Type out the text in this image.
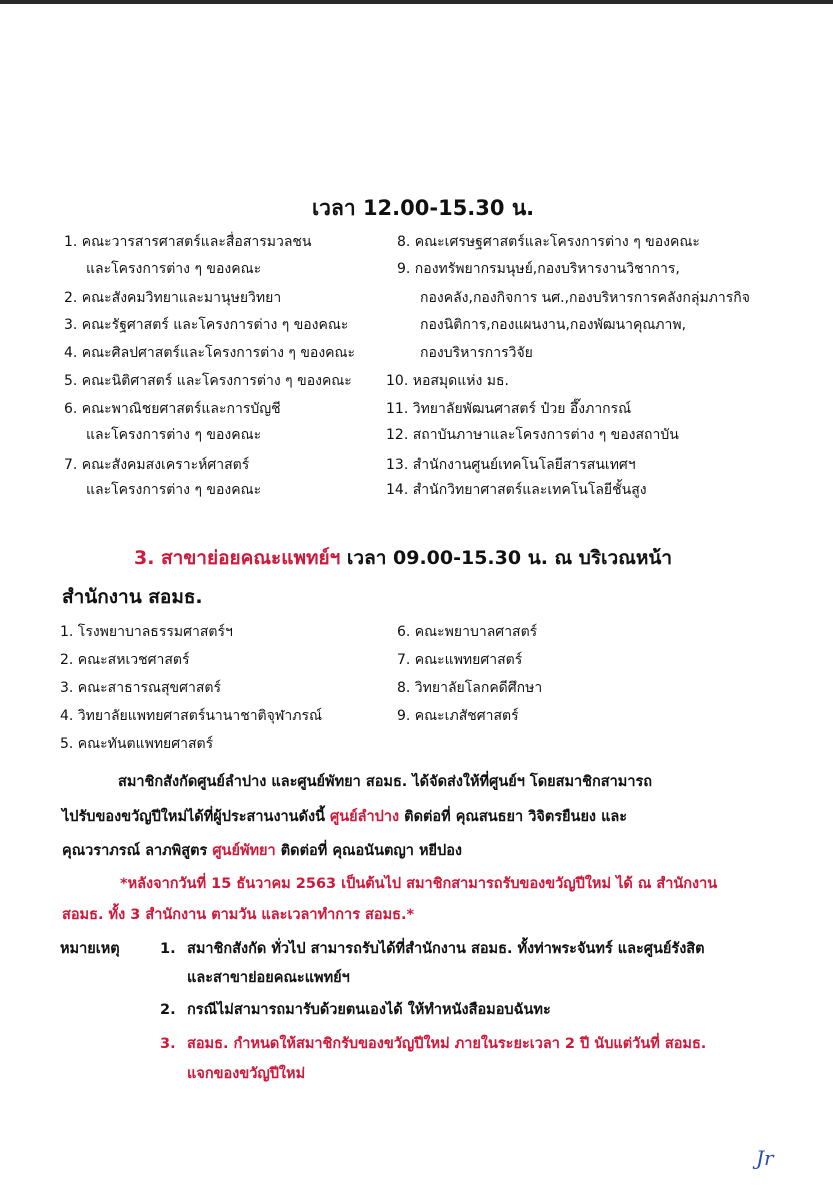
เวลา 12.00-15.30 น.
1. คณะวารสารศาสตร์และสื่อสารมวลชน
และโครงการต่าง ๆ ของคณะ
2. คณะสังคมวิทยาและมานุษยวิทยา
3. คณะรัฐศาสตร์ และโครงการต่าง ๆ ของคณะ
4. คณะศิลปศาสตร์และโครงการต่าง ๆ ของคณะ
5. คณะนิติศาสตร์ และโครงการต่าง ๆ ของคณะ
6. คณะพาณิชยศาสตร์และการบัญชี
และโครงการต่าง ๆ ของคณะ
7. คณะสังคมสงเคราะห์ศาสตร์
และโครงการต่าง ๆ ของคณะ
8. คณะเศรษฐศาสตร์และโครงการต่าง ๆ ของคณะ
9. กองทรัพยากรมนุษย์,กองบริหารงานวิชาการ,
กองคลัง,กองกิจการ นศ.,กองบริหารการคลังกลุ่มภารกิจ
กองนิติการ,กองแผนงาน,กองพัฒนาคุณภาพ,
กองบริหารการวิจัย
10. หอสมุดแห่ง มธ.
11. วิทยาลัยพัฒนศาสตร์ ป๋วย อึ๊งภากรณ์
12. สถาบันภาษาและโครงการต่าง ๆ ของสถาบัน
13. สำนักงานศูนย์เทคโนโลยีสารสนเทศฯ
14. สำนักวิทยาศาสตร์และเทคโนโลยีชั้นสูง
3. สาขาย่อยคณะแพทย์ฯ เวลา 09.00-15.30 น. ณ บริเวณหน้า
สำนักงาน สอมธ.
1. โรงพยาบาลธรรมศาสตร์ฯ
2. คณะสหเวชศาสตร์
3. คณะสาธารณสุขศาสตร์
4. วิทยาลัยแพทยศาสตร์นานาชาติจุฬาภรณ์
5. คณะทันตแพทยศาสตร์
6. คณะพยาบาลศาสตร์
7. คณะแพทยศาสตร์
8. วิทยาลัยโลกคดีศึกษา
9. คณะเภสัชศาสตร์
สมาชิกสังกัดศูนย์ลำปาง และศูนย์พัทยา สอมธ. ได้จัดส่งให้ที่ศูนย์ฯ โดยสมาชิกสามารถ
ไปรับของขวัญปีใหม่ได้ที่ผู้ประสานงานดังนี้ ศูนย์ลำปาง ติดต่อที่ คุณสนธยา วิจิตรยืนยง และ
คุณวราภรณ์ ลาภพิสูตร ศูนย์พัทยา ติดต่อที่ คุณอนันตญา หยีปอง
*หลังจากวันที่ 15 ธันวาคม 2563 เป็นต้นไป สมาชิกสามารถรับของขวัญปีใหม่ ได้ ณ สำนักงาน
สอมธ. ทั้ง 3 สำนักงาน ตามวัน และเวลาทำการ สอมธ.*
หมายเหตุ	1. สมาชิกสังกัด ทั่วไป สามารถรับได้ที่สำนักงาน สอมธ. ทั้งท่าพระจันทร์ และศูนย์รังสิต
และสาขาย่อยคณะแพทย์ฯ
2. กรณีไม่สามารถมารับด้วยตนเองได้ ให้ทำหนังสือมอบฉันทะ
3. สอมธ. กำหนดให้สมาชิกรับของขวัญปีใหม่ ภายในระยะเวลา 2 ปี นับแต่วันที่ สอมธ.
แจกของขวัญปีใหม่
Jr
